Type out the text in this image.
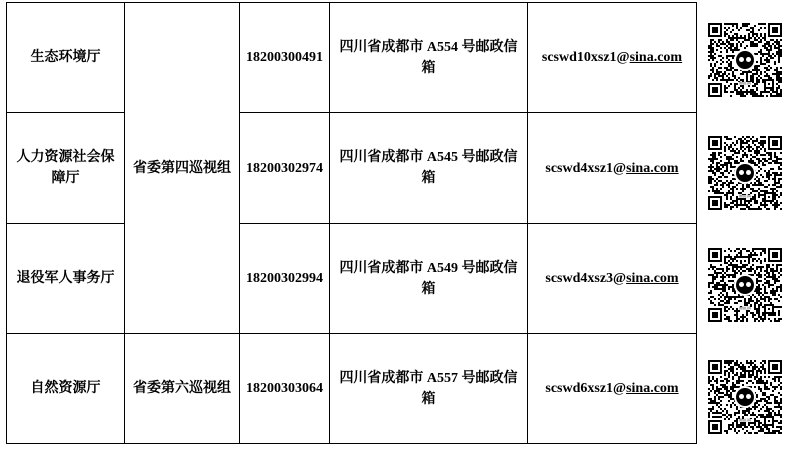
生态环境厅	省委第四巡视组	18200300491	四川省成都市 A554 号邮政信箱	scswd10xsz1@sina.com
人力资源社会保障厅		18200302974	四川省成都市 A545 号邮政信箱	scswd4xsz1@sina.com
退役军人事务厅		18200302994	四川省成都市 A549 号邮政信箱	scswd4xsz3@sina.com
自然资源厅	省委第六巡视组	18200303064	四川省成都市 A557 号邮政信箱	scswd6xsz1@sina.com
微信扫码
微信扫码
微信扫码
微信扫码
